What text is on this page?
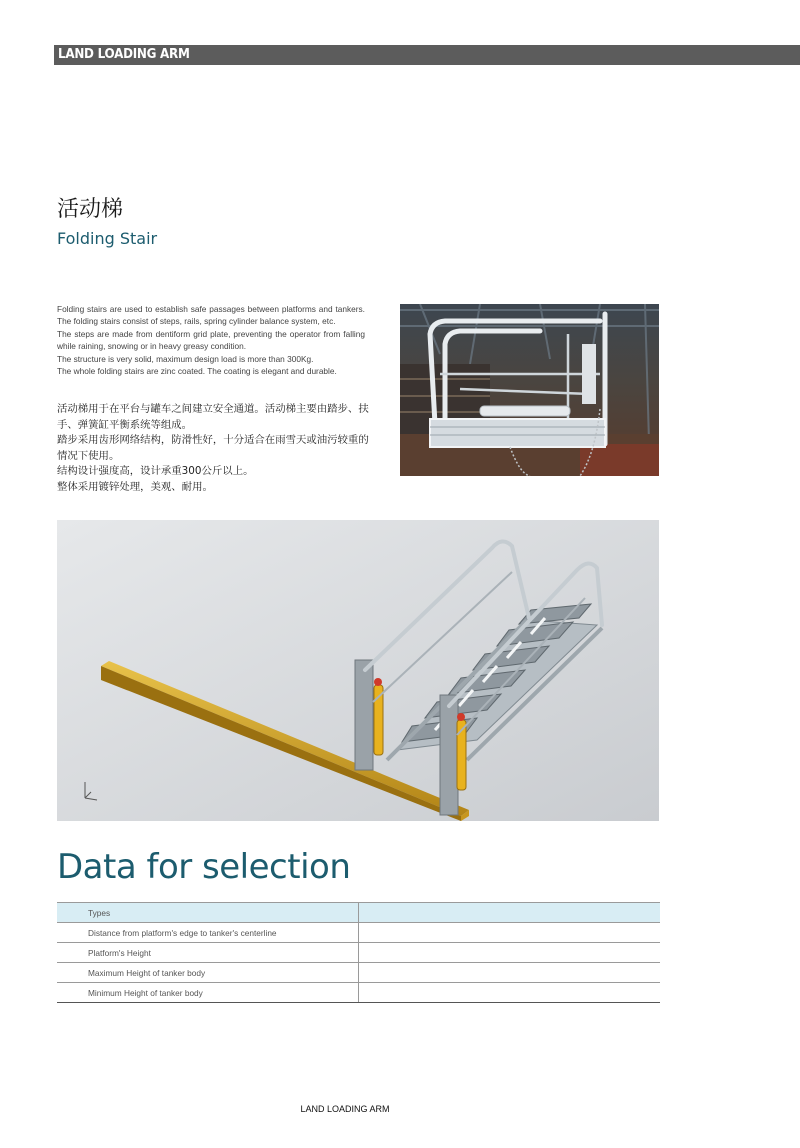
LAND LOADING ARM
活动梯
Folding Stair

Folding stairs are used to establish safe passages between platforms and tankers. The folding stairs consist of steps, rails, spring cylinder balance system, etc.

The steps are made from dentiform grid plate, preventing the operator from falling while raining, snowing or in heavy greasy condition.

The structure is very solid, maximum design load is more than 300Kg.

The whole folding stairs are zinc coated. The coating is elegant and durable.

活动梯用于在平台与罐车之间建立安全通道。活动梯主要由踏步、扶手、弹簧缸平衡系统等组成。

踏步采用齿形网络结构，防滑性好，十分适合在雨雪天或油污较重的情况下使用。

结构设计强度高，设计承重300公斤以上。

整体采用镀锌处理，美观、耐用。

Data for selection
Types	
Distance from platform's edge to tanker's centerline	
Platform's Height	
Maximum Height of tanker body	
Minimum Height of tanker body	
LAND LOADING ARM
